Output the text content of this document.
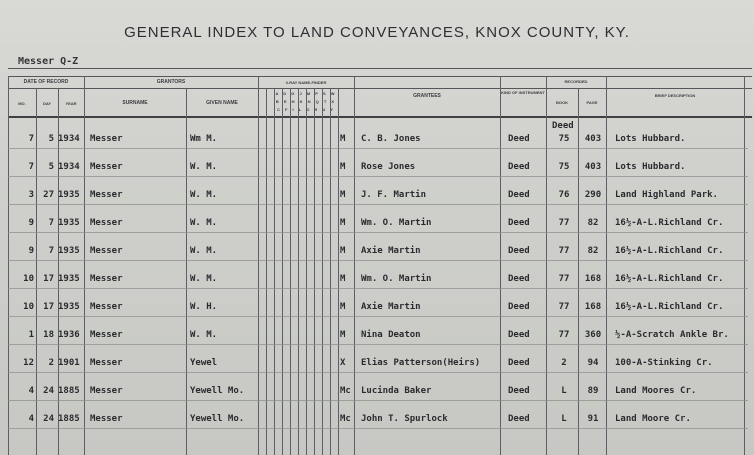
GENERAL INDEX TO LAND CONVEYANCES, KNOX COUNTY, KY.
Messer Q-Z
DATE OF RECORD
MO.	DAY	YEAR
GRANTORS
SURNAME	GIVEN NAME
3-RAY NAME-FINDER
A D G J M P S W
B E H K N Q T X
C F I L O R U Y
GRANTEES
KIND OF INSTRUMENT
RECORDED
BOOK	PAGE
BRIEF DESCRIPTION
7	5 1934	Messer	Wm M.	M	C. B. Jones	Deed	75	403	Lots Hubbard.
Deed
7	5 1934	Messer	W. M.	M	Rose Jones	Deed	75	403	Lots Hubbard.
3	27 1935	Messer	W. M.	M	J. F. Martin	Deed	76	290	Land Highland Park.
9	7 1935	Messer	W. M.	M	Wm. O. Martin	Deed	77	82	16½-A-L.Richland Cr.
9	7 1935	Messer	W. M.	M	Axie Martin	Deed	77	82	16½-A-L.Richland Cr.
10	17 1935	Messer	W. M.	M	Wm. O. Martin	Deed	77	168	16½-A-L.Richland Cr.
10	17 1935	Messer	W. H.	M	Axie Martin	Deed	77	168	16½-A-L.Richland Cr.
1	18 1936	Messer	W. M.	M	Nina Deaton	Deed	77	360	½-A-Scratch Ankle Br.
12	2 1901	Messer	Yewel	X	Elias Patterson(Heirs)	Deed	2	94	100-A-Stinking Cr.
4	24 1885	Messer	Yewell Mo.	Mc	Lucinda Baker	Deed	L	89	Land Moores Cr.
4	24 1885	Messer	Yewell Mo.	Mc	John T. Spurlock	Deed	L	91	Land Moore Cr.
